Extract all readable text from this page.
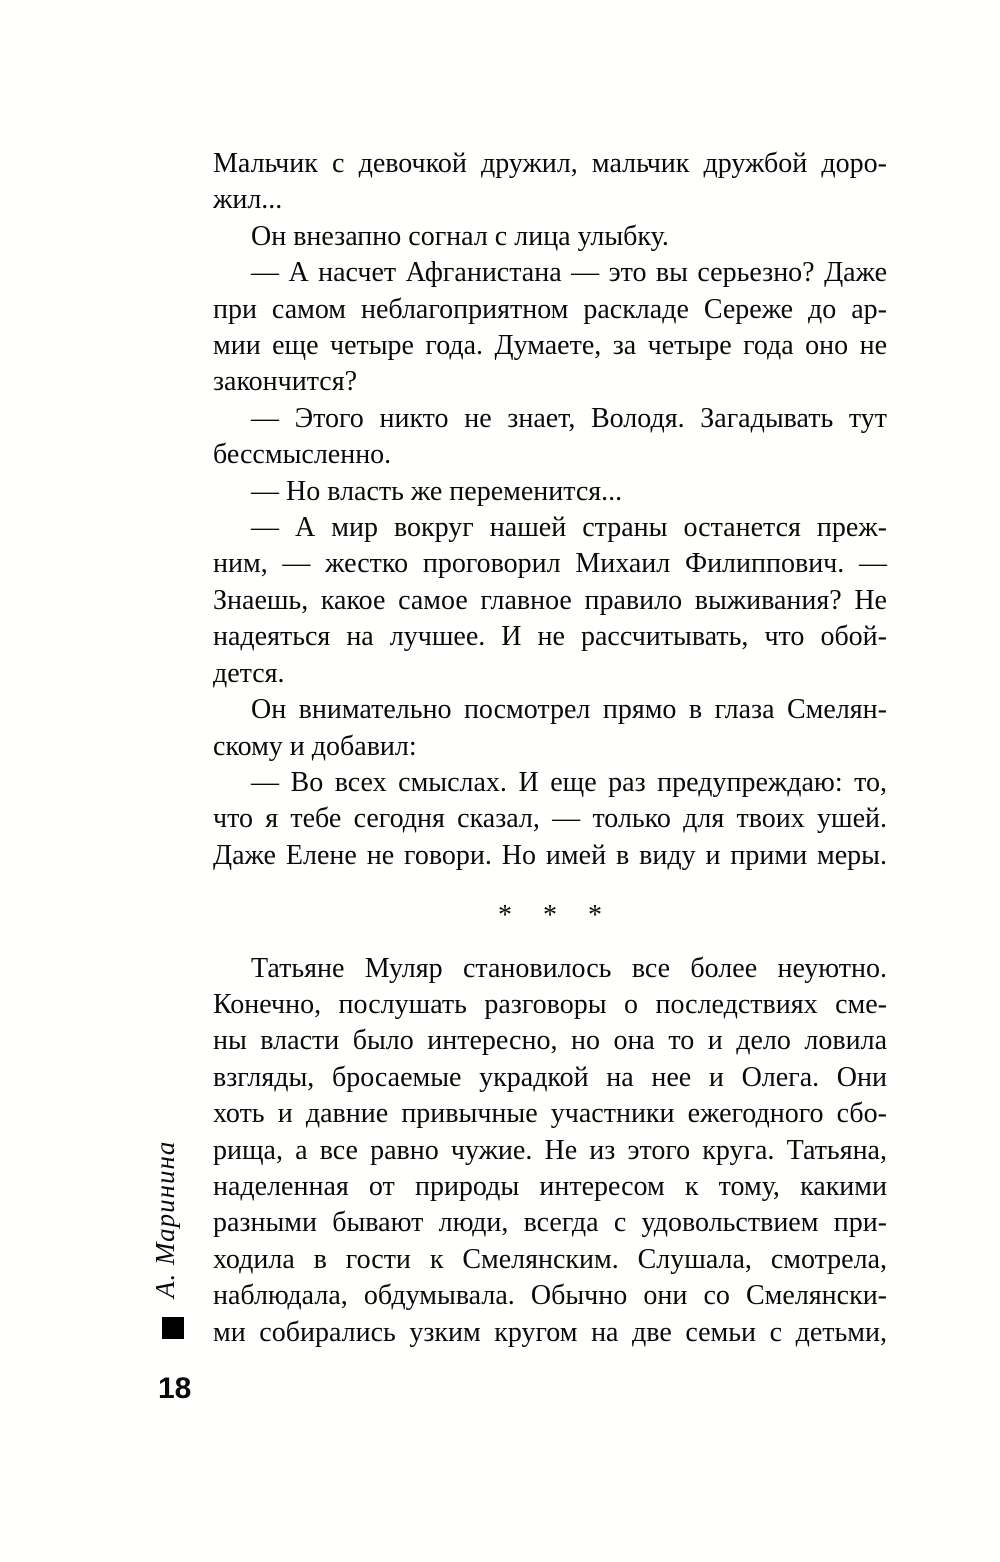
Мальчик с девочкой дружил, мальчик дружбой доро-
жил...
Он внезапно согнал с лица улыбку.
— А насчет Афганистана — это вы серьезно? Даже
при самом неблагоприятном раскладе Сереже до ар-
мии еще четыре года. Думаете, за четыре года оно не
закончится?
— Этого никто не знает, Володя. Загадывать тут
бессмысленно.
— Но власть же переменится...
— А мир вокруг нашей страны останется преж-
ним, — жестко проговорил Михаил Филиппович. —
Знаешь, какое самое главное правило выживания? Не
надеяться на лучшее. И не рассчитывать, что обой-
дется.
Он внимательно посмотрел прямо в глаза Смелян-
скому и добавил:
— Во всех смыслах. И еще раз предупреждаю: то,
что я тебе сегодня сказал, — только для твоих ушей.
Даже Елене не говори. Но имей в виду и прими меры.
* * *
Татьяне Муляр становилось все более неуютно.
Конечно, послушать разговоры о последствиях сме-
ны власти было интересно, но она то и дело ловила
взгляды, бросаемые украдкой на нее и Олега. Они
хоть и давние привычные участники ежегодного сбо-
рища, а все равно чужие. Не из этого круга. Татьяна,
наделенная от природы интересом к тому, какими
разными бывают люди, всегда с удовольствием при-
ходила в гости к Смелянским. Слушала, смотрела,
наблюдала, обдумывала. Обычно они со Смелянски-
ми собирались узким кругом на две семьи с детьми,
А. Маринина
18
